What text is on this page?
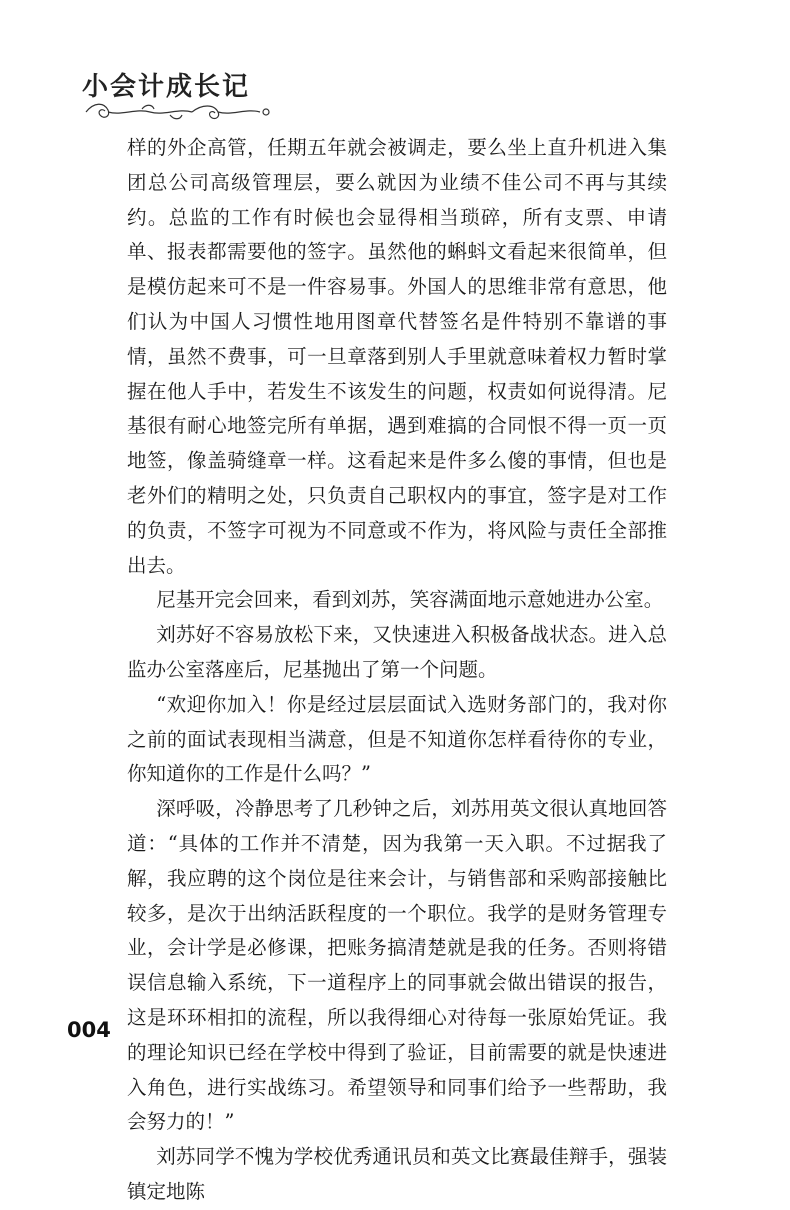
小会计成长记

样的外企高管，任期五年就会被调走，要么坐上直升机进入集团总公司高级管理层，要么就因为业绩不佳公司不再与其续约。总监的工作有时候也会显得相当琐碎，所有支票、申请单、报表都需要他的签字。虽然他的蝌蚪文看起来很简单，但是模仿起来可不是一件容易事。外国人的思维非常有意思，他们认为中国人习惯性地用图章代替签名是件特别不靠谱的事情，虽然不费事，可一旦章落到别人手里就意味着权力暂时掌握在他人手中，若发生不该发生的问题，权责如何说得清。尼基很有耐心地签完所有单据，遇到难搞的合同恨不得一页一页地签，像盖骑缝章一样。这看起来是件多么傻的事情，但也是老外们的精明之处，只负责自己职权内的事宜，签字是对工作的负责，不签字可视为不同意或不作为，将风险与责任全部推出去。

尼基开完会回来，看到刘苏，笑容满面地示意她进办公室。

刘苏好不容易放松下来，又快速进入积极备战状态。进入总监办公室落座后，尼基抛出了第一个问题。

“欢迎你加入！你是经过层层面试入选财务部门的，我对你之前的面试表现相当满意，但是不知道你怎样看待你的专业，你知道你的工作是什么吗？”

深呼吸，冷静思考了几秒钟之后，刘苏用英文很认真地回答道：“具体的工作并不清楚，因为我第一天入职。不过据我了解，我应聘的这个岗位是往来会计，与销售部和采购部接触比较多，是次于出纳活跃程度的一个职位。我学的是财务管理专业，会计学是必修课，把账务搞清楚就是我的任务。否则将错误信息输入系统，下一道程序上的同事就会做出错误的报告，这是环环相扣的流程，所以我得细心对待每一张原始凭证。我的理论知识已经在学校中得到了验证，目前需要的就是快速进入角色，进行实战练习。希望领导和同事们给予一些帮助，我会努力的！”

刘苏同学不愧为学校优秀通讯员和英文比赛最佳辩手，强装镇定地陈

004
